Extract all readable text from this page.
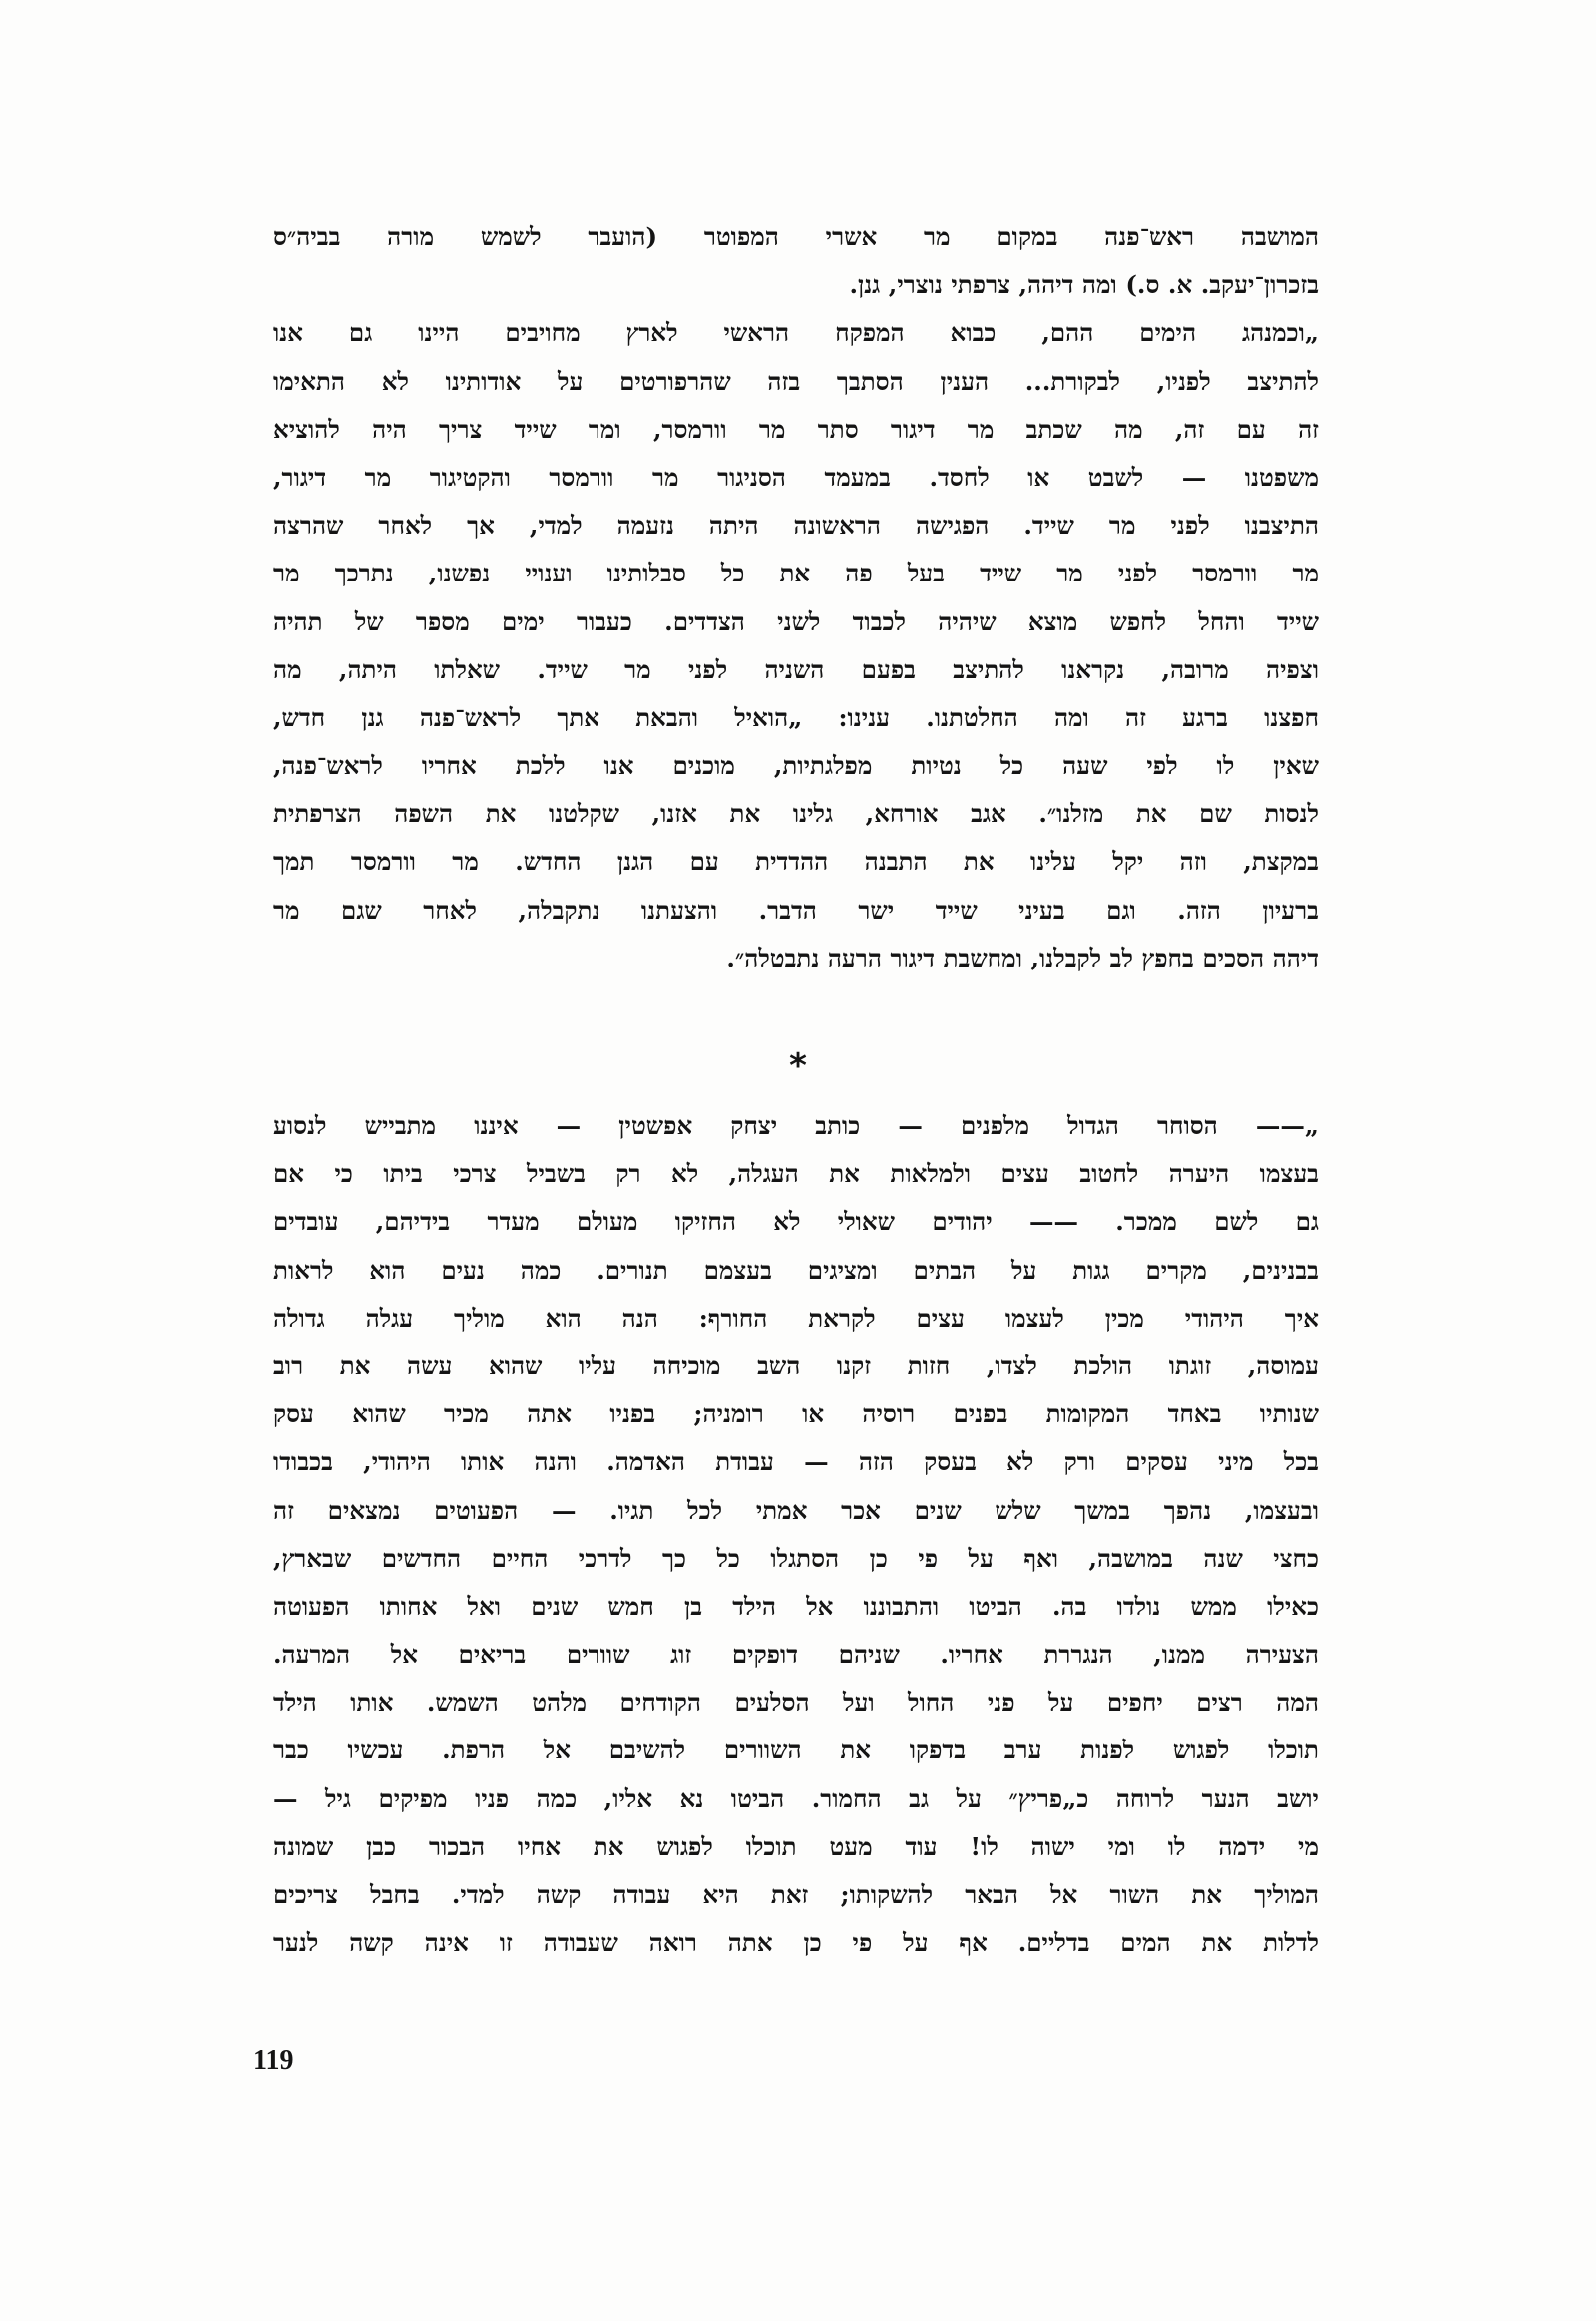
המושבה ראש־פנה במקום מר אשרי המפוטר (הועבר לשמש מורה בביה״ס
בזכרון־יעקב. א. ס.) ומה דיהה, צרפתי נוצרי, גנן.
„וכמנהג הימים ההם, כבוא המפקח הראשי לארץ מחויבים היינו גם אנו
להתיצב לפניו, לבקורת... הענין הסתבך בזה שהרפורטים על אודותינו לא התאימו
זה עם זה, מה שכתב מר דיגור סתר מר וורמסר, ומר שייד צריך היה להוציא
משפטנו — לשבט או לחסד. במעמד הסניגור מר וורמסר והקטיגור מר דיגור,
התיצבנו לפני מר שייד. הפגישה הראשונה היתה נזעמה למדי, אך לאחר שהרצה
מר וורמסר לפני מר שייד בעל פה את כל סבלותינו וענויי נפשנו, נתרכך מר
שייד והחל לחפש מוצא שיהיה לכבוד לשני הצדדים. כעבור ימים מספר של תהיה
וצפיה מרובה, נקראנו להתיצב בפעם השניה לפני מר שייד. שאלתו היתה, מה
חפצנו ברגע זה ומה החלטתנו. ענינו: „הואיל והבאת אתך לראש־פנה גנן חדש,
שאין לו לפי שעה כל נטיות מפלגתיות, מוכנים אנו ללכת אחריו לראש־פנה,
לנסות שם את מזלנו״. אגב אורחא, גלינו את אזנו, שקלטנו את השפה הצרפתית
במקצת, וזה יקל עלינו את התבנה ההדדית עם הגנן החדש. מר וורמסר תמך
ברעיון הזה. וגם בעיני שייד ישר הדבר. והצעתנו נתקבלה, לאחר שגם מר
דיהה הסכים בחפץ לב לקבלנו, ומחשבת דיגור הרעה נתבטלה״.
*
„—— הסוחר הגדול מלפנים — כותב יצחק אפשטין — איננו מתבייש לנסוע
בעצמו היערה לחטוב עצים ולמלאות את העגלה, לא רק בשביל צרכי ביתו כי אם
גם לשם ממכר. —— יהודים שאולי לא החזיקו מעולם מעדר בידיהם, עובדים
בבנינים, מקרים גגות על הבתים ומציגים בעצמם תנורים. כמה נעים הוא לראות
איך היהודי מכין לעצמו עצים לקראת החורף: הנה הוא מוליך עגלה גדולה
עמוסה, זוגתו הולכת לצדו, חזות זקנו השב מוכיחה עליו שהוא עשה את רוב
שנותיו באחד המקומות בפנים רוסיה או רומניה; בפניו אתה מכיר שהוא עסק
בכל מיני עסקים ורק לא בעסק הזה — עבודת האדמה. והנה אותו היהודי, בכבודו
ובעצמו, נהפך במשך שלש שנים אכר אמתי לכל תגיו. — הפעוטים נמצאים זה
כחצי שנה במושבה, ואף על פי כן הסתגלו כל כך לדרכי החיים החדשים שבארץ,
כאילו ממש נולדו בה. הביטו והתבוננו אל הילד בן חמש שנים ואל אחותו הפעוטה
הצעירה ממנו, הנגררת אחריו. שניהם דופקים זוג שוורים בריאים אל המרעה.
המה רצים יחפים על פני החול ועל הסלעים הקודחים מלהט השמש. אותו הילד
תוכלו לפגוש לפנות ערב בדפקו את השוורים להשיבם אל הרפת. עכשיו כבר
יושב הנער לרוחה כ„פריץ״ על גב החמור. הביטו נא אליו, כמה פניו מפיקים גיל —
מי ידמה לו ומי ישוה לו! עוד מעט תוכלו לפגוש את אחיו הבכור כבן שמונה
המוליך את השור אל הבאר להשקותו; זאת היא עבודה קשה למדי. בחבל צריכים
לדלות את המים בדליים. אף על פי כן אתה רואה שעבודה זו אינה קשה לנער
119
